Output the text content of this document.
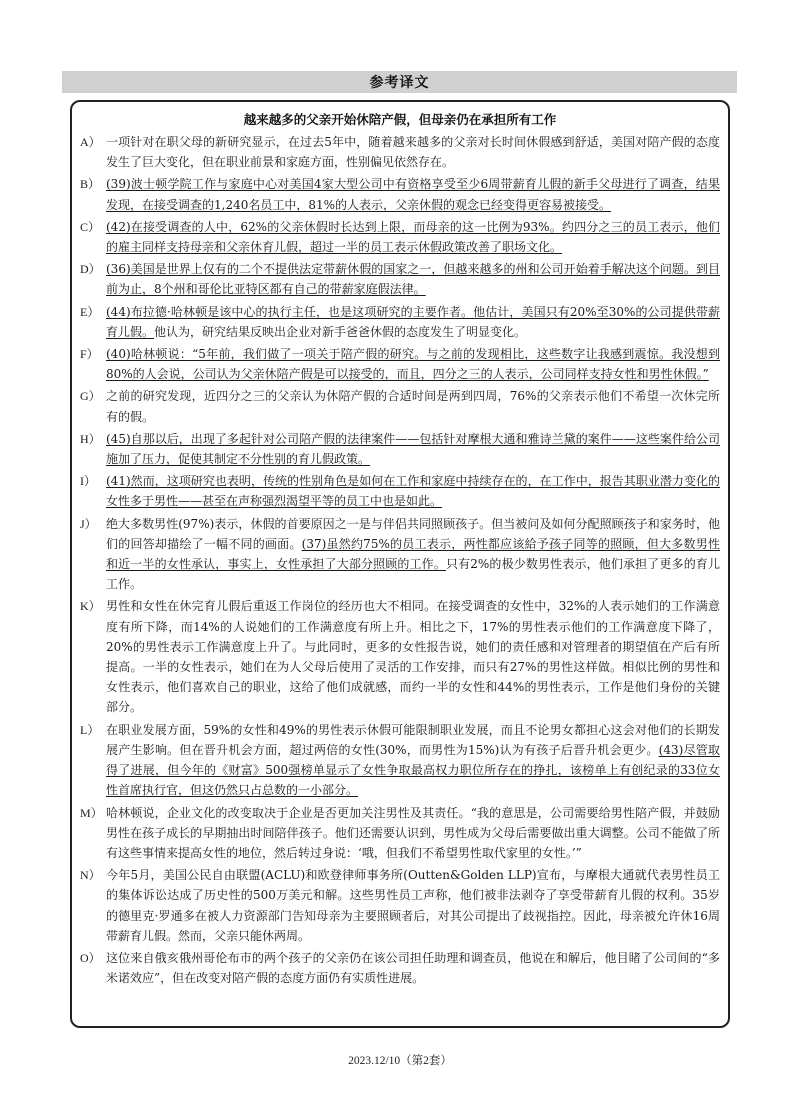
参考译文
越来越多的父亲开始休陪产假，但母亲仍在承担所有工作
A） 一项针对在职父母的新研究显示，在过去5年中，随着越来越多的父亲对长时间休假感到舒适，美国对陪产假的态度发生了巨大变化，但在职业前景和家庭方面，性别偏见依然存在。

B） (39)波士顿学院工作与家庭中心对美国4家大型公司中有资格享受至少6周带薪育儿假的新手父母进行了调查，结果发现，在接受调查的1,240名员工中，81%的人表示，父亲休假的观念已经变得更容易被接受。

C） (42)在接受调查的人中，62%的父亲休假时长达到上限，而母亲的这一比例为93%。约四分之三的员工表示，他们的雇主同样支持母亲和父亲休育儿假，超过一半的员工表示休假政策改善了职场文化。

D） (36)美国是世界上仅有的二个不提供法定带薪休假的国家之一，但越来越多的州和公司开始着手解决这个问题。到目前为止，8个州和哥伦比亚特区都有自己的带薪家庭假法律。

E） (44)布拉德·哈林顿是该中心的执行主任，也是这项研究的主要作者。他估计，美国只有20%至30%的公司提供带薪育儿假。他认为，研究结果反映出企业对新手爸爸休假的态度发生了明显变化。

F） (40)哈林顿说：“5年前，我们做了一项关于陪产假的研究。与之前的发现相比，这些数字让我感到震惊。我没想到80%的人会说，公司认为父亲休陪产假是可以接受的，而且，四分之三的人表示，公司同样支持女性和男性休假。”

G） 之前的研究发现，近四分之三的父亲认为休陪产假的合适时间是两到四周，76%的父亲表示他们不希望一次休完所有的假。

H） (45)自那以后，出现了多起针对公司陪产假的法律案件——包括针对摩根大通和雅诗兰黛的案件——这些案件给公司施加了压力，促使其制定不分性别的育儿假政策。

I） (41)然而，这项研究也表明，传统的性别角色是如何在工作和家庭中持续存在的，在工作中，报告其职业潜力变化的女性多于男性——甚至在声称强烈渴望平等的员工中也是如此。

J） 绝大多数男性(97%)表示，休假的首要原因之一是与伴侣共同照顾孩子。但当被问及如何分配照顾孩子和家务时，他们的回答却描绘了一幅不同的画面。(37)虽然约75%的员工表示，两性都应该給予孩子同等的照顾，但大多数男性和近一半的女性承认，事实上，女性承担了大部分照顾的工作。只有2%的极少数男性表示，他们承担了更多的育儿工作。

K） 男性和女性在休完育儿假后重返工作岗位的经历也大不相同。在接受调查的女性中，32%的人表示她们的工作满意度有所下降，而14%的人说她们的工作满意度有所上升。相比之下，17%的男性表示他们的工作满意度下降了，20%的男性表示工作满意度上升了。与此同时，更多的女性报告说，她们的责任感和对管理者的期望值在产后有所提高。一半的女性表示，她们在为人父母后使用了灵活的工作安排，而只有27%的男性这样做。相似比例的男性和女性表示，他们喜欢自己的职业，这给了他们成就感，而约一半的女性和44%的男性表示，工作是他们身份的关键部分。

L） 在职业发展方面，59%的女性和49%的男性表示休假可能限制职业发展，而且不论男女都担心这会对他们的长期发展产生影响。但在晋升机会方面，超过两倍的女性(30%，而男性为15%)认为有孩子后晋升机会更少。(43)尽管取得了进展，但今年的《财富》500强榜单显示了女性争取最高权力职位所存在的挣扎，该榜单上有创纪录的33位女性首席执行官，但这仍然只占总数的一小部分。

M） 哈林顿说，企业文化的改变取决于企业是否更加关注男性及其责任。“我的意思是，公司需要给男性陪产假，并鼓励男性在孩子成长的早期抽出时间陪伴孩子。他们还需要认识到，男性成为父母后需要做出重大调整。公司不能做了所有这些事情来提高女性的地位，然后转过身说：‘哦，但我们不希望男性取代家里的女性。’”

N） 今年5月，美国公民自由联盟(ACLU)和欧登律师事务所(Outten&Golden LLP)宣布，与摩根大通就代表男性员工的集体诉讼达成了历史性的500万美元和解。这些男性员工声称，他们被非法剥夺了享受带薪育儿假的权利。35岁的德里克·罗通多在被人力资源部门告知母亲为主要照顾者后，对其公司提出了歧视指控。因此，母亲被允许休16周带薪育儿假。然而，父亲只能休两周。

O） 这位来自俄亥俄州哥伦布市的两个孩子的父亲仍在该公司担任助理和调查员，他说在和解后，他目睹了公司间的“多米诺效应”，但在改变对陪产假的态度方面仍有实质性进展。

2023.12/10（第2套）
